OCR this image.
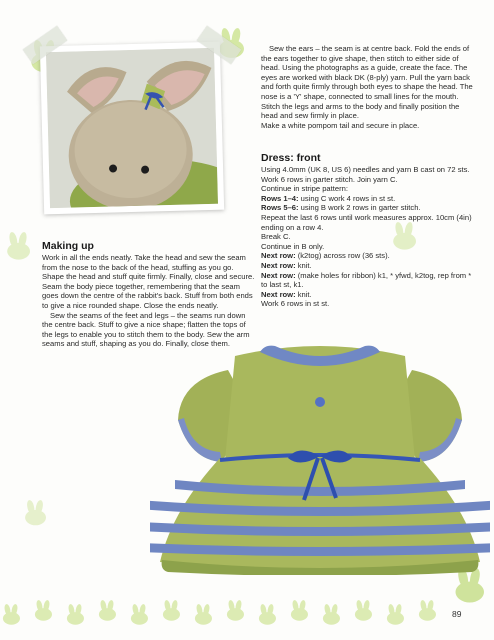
Sew the ears – the seam is at centre back. Fold the ends of the ears together to give shape, then stitch to either side of head. Using the photographs as a guide, create the face. The eyes are worked with black DK (8-ply) yarn. Pull the yarn back and forth quite firmly through both eyes to shape the head. The nose is a 'Y' shape, connected to small lines for the mouth. Stitch the legs and arms to the body and finally position the head and sew firmly in place.

Make a white pompom tail and secure in place.

Dress: front

Using 4.0mm (UK 8, US 6) needles and yarn B cast on 72 sts.

Work 6 rows in garter stitch. Join yarn C.

Continue in stripe pattern:

Rows 1–4: using C work 4 rows in st st.

Rows 5–6: using B work 2 rows in garter stitch.

Repeat the last 6 rows until work measures approx. 10cm (4in) ending on a row 4.

Break C.

Continue in B only.

Next row: (k2tog) across row (36 sts).

Next row: knit.

Next row: (make holes for ribbon) k1, * yfwd, k2tog, rep from * to last st, k1.

Next row: knit.

Work 6 rows in st st.

Making up

Work in all the ends neatly. Take the head and sew the seam from the nose to the back of the head, stuffing as you go. Shape the head and stuff quite firmly. Finally, close and secure. Seam the body piece together, remembering that the seam goes down the centre of the rabbit's back. Stuff from both ends to give a nice rounded shape. Close the ends neatly.

Sew the seams of the feet and legs – the seams run down the centre back. Stuff to give a nice shape; flatten the tops of the legs to enable you to stitch them to the body. Sew the arm seams and stuff, shaping as you do. Finally, close them.

89
